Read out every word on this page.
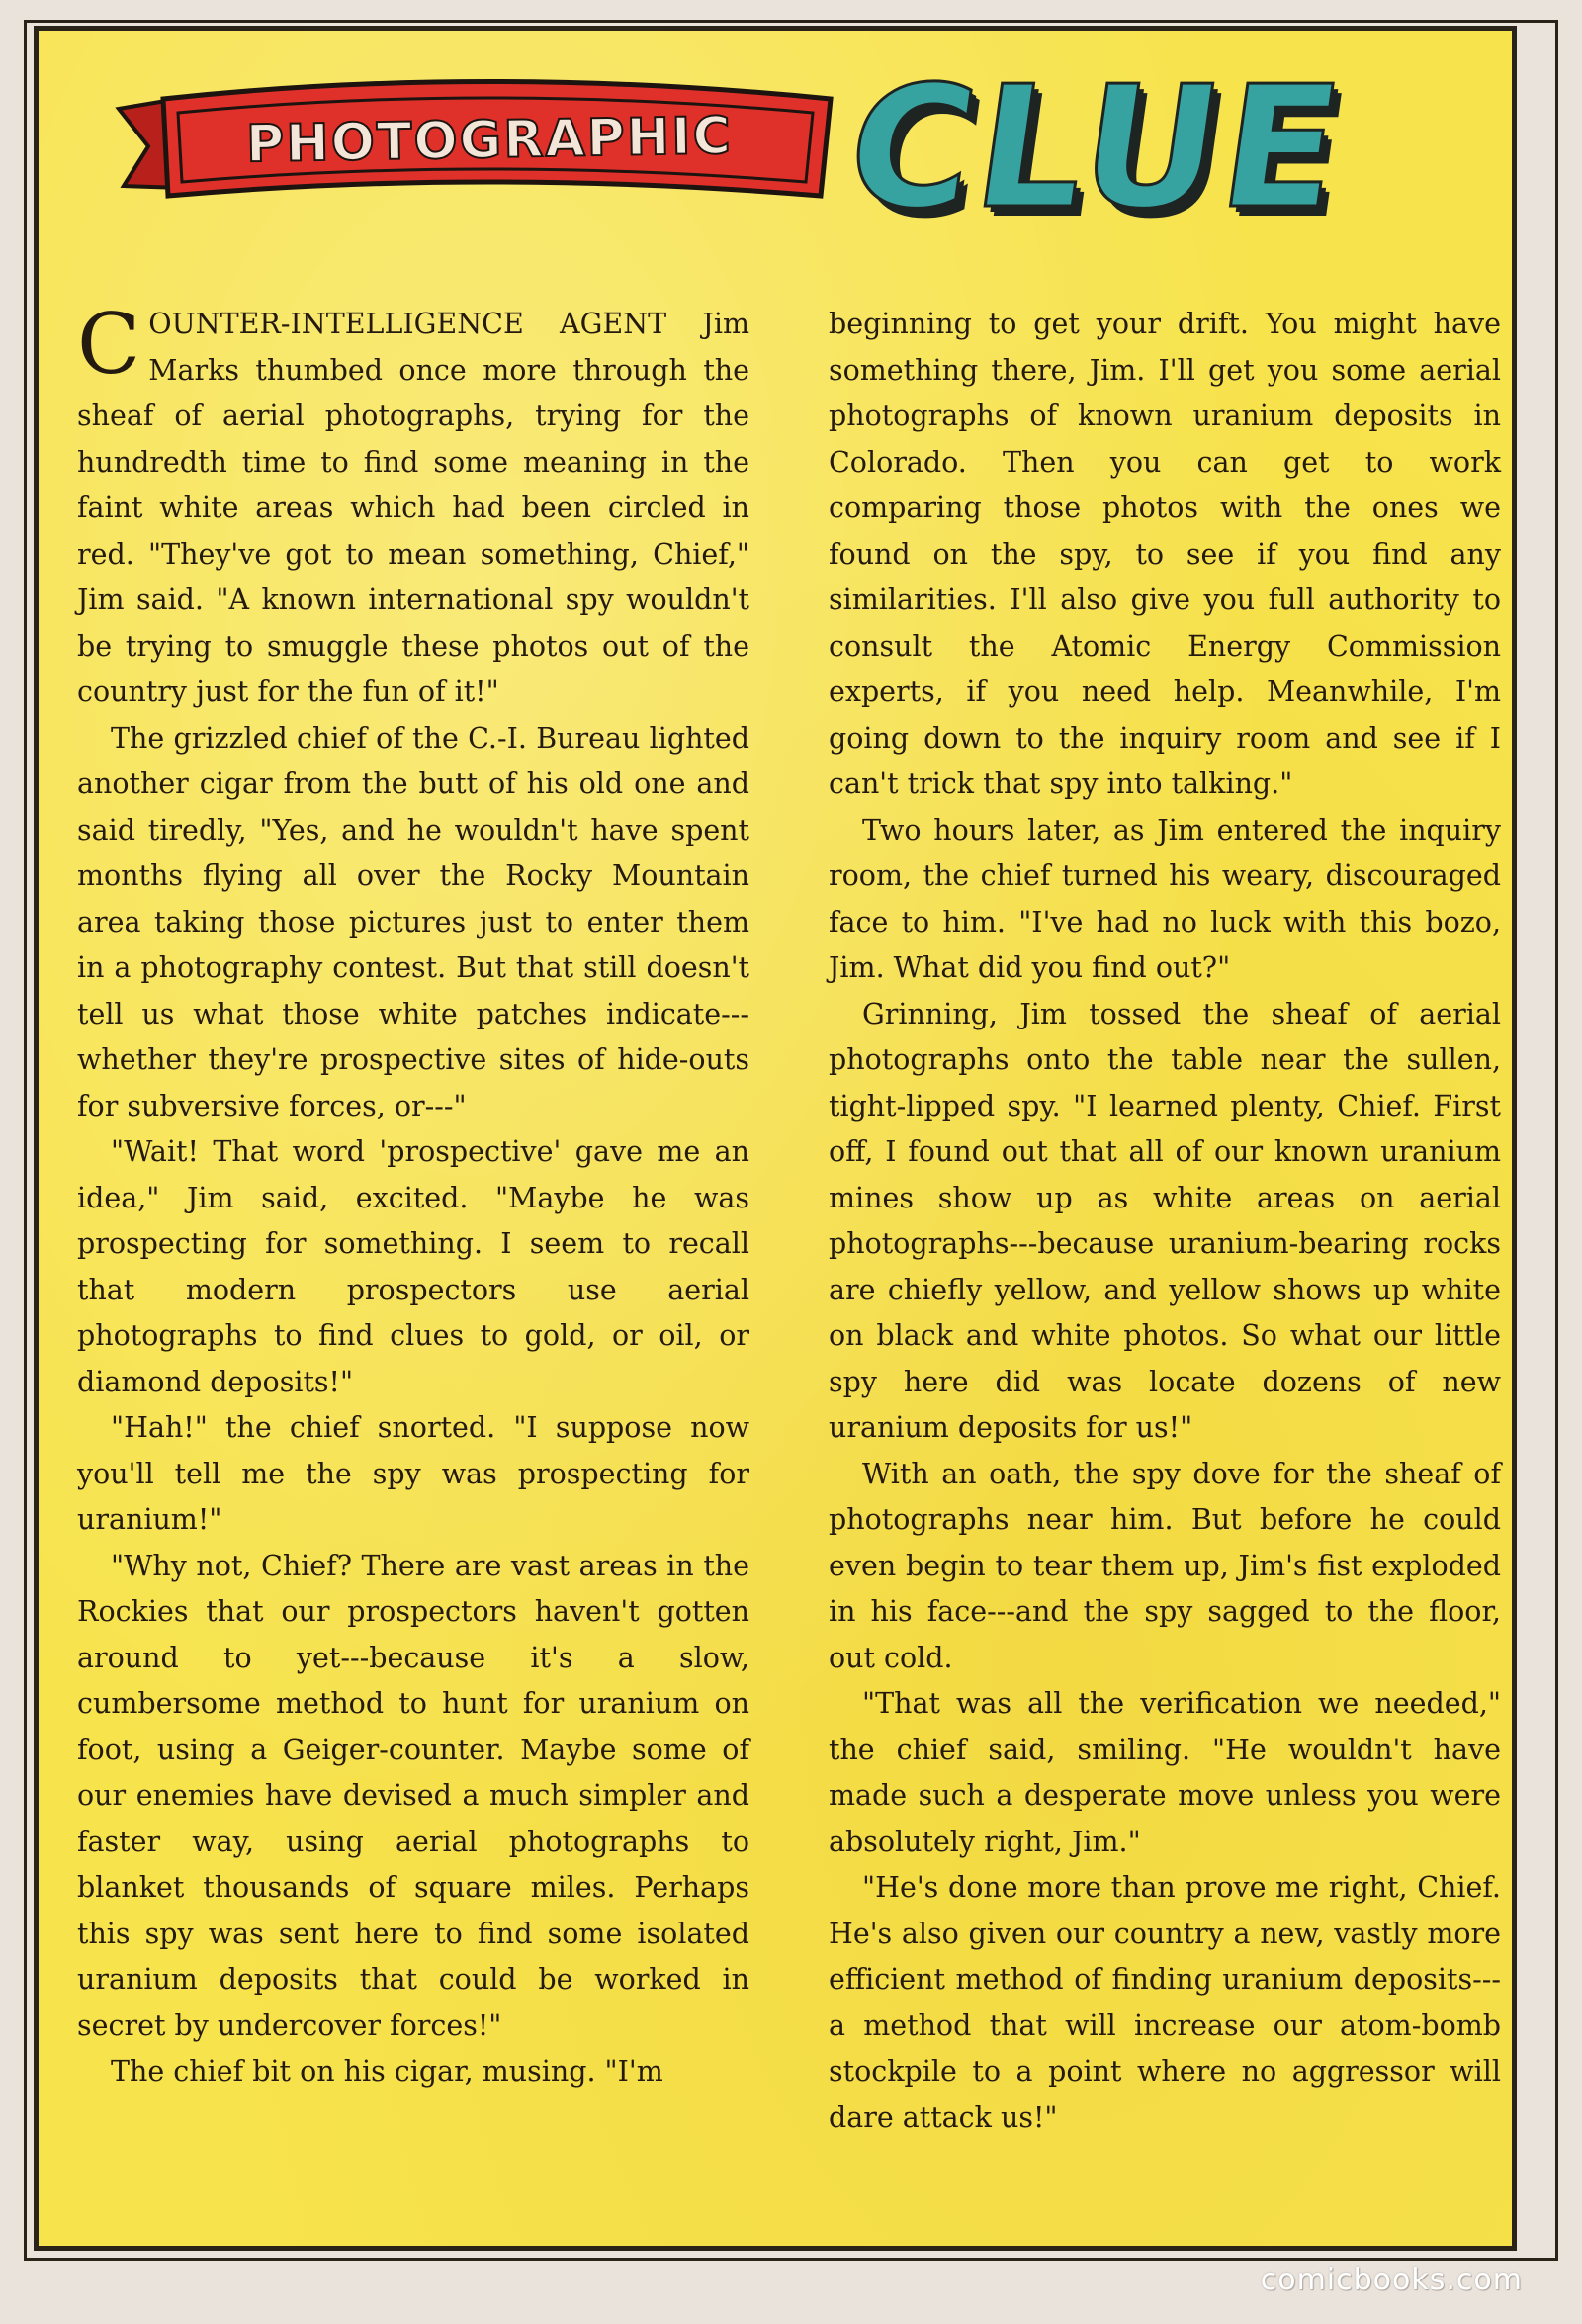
PHOTOGRAPHIC CLUE

COUNTER-INTELLIGENCE AGENT Jim Marks thumbed once more through the sheaf of aerial photographs, trying for the hundredth time to find some meaning in the faint white areas which had been circled in red. "They've got to mean something, Chief," Jim said. "A known international spy wouldn't be trying to smuggle these photos out of the country just for the fun of it!"

The grizzled chief of the C.-I. Bureau lighted another cigar from the butt of his old one and said tiredly, "Yes, and he wouldn't have spent months flying all over the Rocky Mountain area taking those pictures just to enter them in a photography contest. But that still doesn't tell us what those white patches indicate--- whether they're prospective sites of hide-outs for subversive forces, or---"

"Wait! That word 'prospective' gave me an idea," Jim said, excited. "Maybe he was prospecting for something. I seem to recall that modern prospectors use aerial photographs to find clues to gold, or oil, or diamond deposits!"

"Hah!" the chief snorted. "I suppose now you'll tell me the spy was prospecting for uranium!"

"Why not, Chief? There are vast areas in the Rockies that our prospectors haven't gotten around to yet---because it's a slow, cumbersome method to hunt for uranium on foot, using a Geiger-counter. Maybe some of our enemies have devised a much simpler and faster way, using aerial photographs to blanket thousands of square miles. Perhaps this spy was sent here to find some isolated uranium deposits that could be worked in secret by undercover forces!"

The chief bit on his cigar, musing. "I'm

beginning to get your drift. You might have something there, Jim. I'll get you some aerial photographs of known uranium deposits in Colorado. Then you can get to work comparing those photos with the ones we found on the spy, to see if you find any similarities. I'll also give you full authority to consult the Atomic Energy Commission experts, if you need help. Meanwhile, I'm going down to the inquiry room and see if I can't trick that spy into talking."

Two hours later, as Jim entered the inquiry room, the chief turned his weary, discouraged face to him. "I've had no luck with this bozo, Jim. What did you find out?"

Grinning, Jim tossed the sheaf of aerial photographs onto the table near the sullen, tight-lipped spy. "I learned plenty, Chief. First off, I found out that all of our known uranium mines show up as white areas on aerial photographs---because uranium-bearing rocks are chiefly yellow, and yellow shows up white on black and white photos. So what our little spy here did was locate dozens of new uranium deposits for us!"

With an oath, the spy dove for the sheaf of photographs near him. But before he could even begin to tear them up, Jim's fist exploded in his face---and the spy sagged to the floor, out cold.

"That was all the verification we needed," the chief said, smiling. "He wouldn't have made such a desperate move unless you were absolutely right, Jim."

"He's done more than prove me right, Chief. He's also given our country a new, vastly more efficient method of finding uranium deposits---a method that will increase our atom-bomb stockpile to a point where no aggressor will dare attack us!"

comicbooks.com
